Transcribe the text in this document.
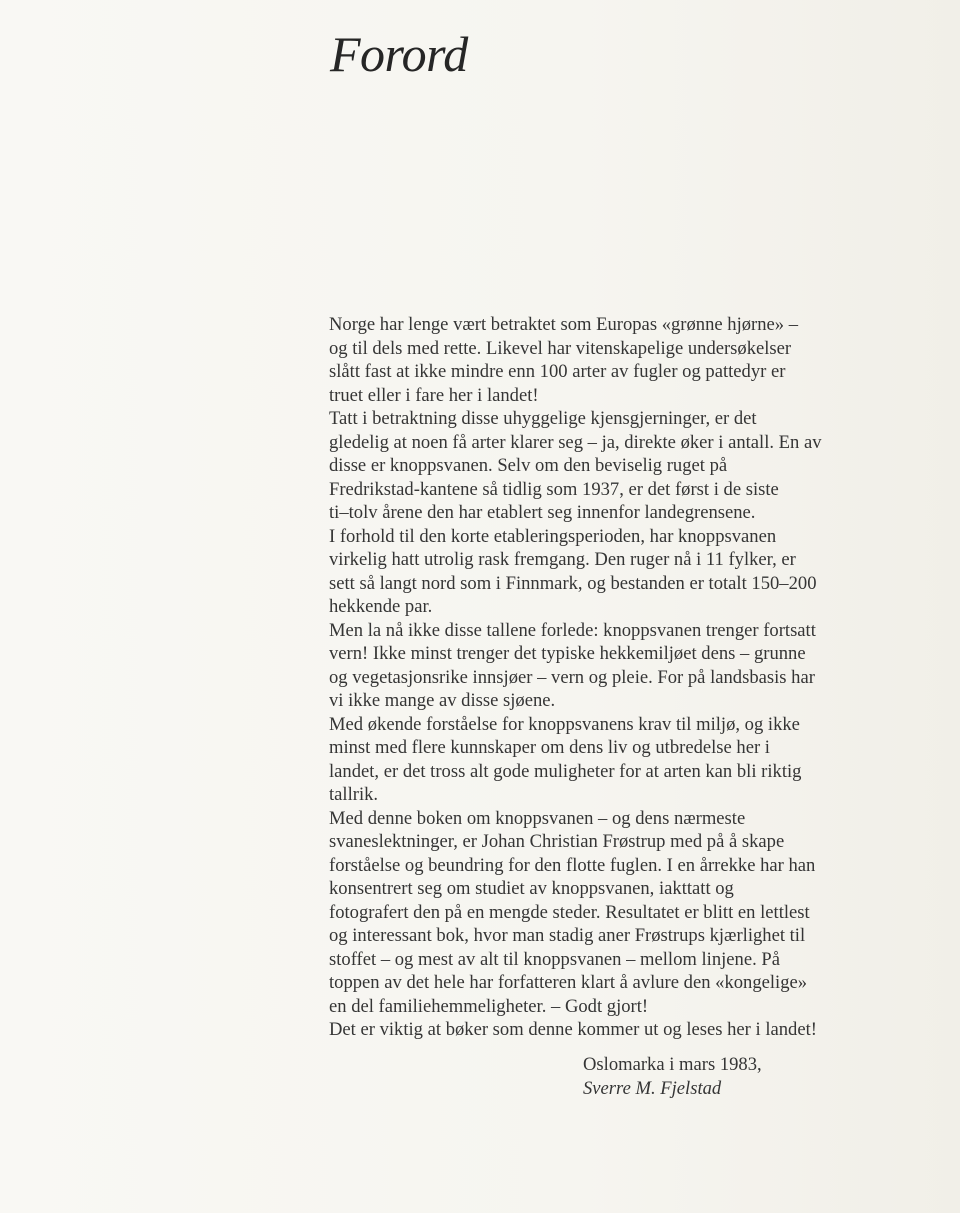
Forord
Norge har lenge vært betraktet som Europas «grønne hjørne» –
og til dels med rette. Likevel har vitenskapelige undersøkelser
slått fast at ikke mindre enn 100 arter av fugler og pattedyr er
truet eller i fare her i landet!
Tatt i betraktning disse uhyggelige kjensgjerninger, er det
gledelig at noen få arter klarer seg – ja, direkte øker i antall. En av
disse er knoppsvanen. Selv om den beviselig ruget på
Fredrikstad-kantene så tidlig som 1937, er det først i de siste
ti–tolv årene den har etablert seg innenfor landegrensene.
I forhold til den korte etableringsperioden, har knoppsvanen
virkelig hatt utrolig rask fremgang. Den ruger nå i 11 fylker, er
sett så langt nord som i Finnmark, og bestanden er totalt 150–200
hekkende par.
Men la nå ikke disse tallene forlede: knoppsvanen trenger fortsatt
vern! Ikke minst trenger det typiske hekkemiljøet dens – grunne
og vegetasjonsrike innsjøer – vern og pleie. For på landsbasis har
vi ikke mange av disse sjøene.
Med økende forståelse for knoppsvanens krav til miljø, og ikke
minst med flere kunnskaper om dens liv og utbredelse her i
landet, er det tross alt gode muligheter for at arten kan bli riktig
tallrik.
Med denne boken om knoppsvanen – og dens nærmeste
svaneslektninger, er Johan Christian Frøstrup med på å skape
forståelse og beundring for den flotte fuglen. I en årrekke har han
konsentrert seg om studiet av knoppsvanen, iakttatt og
fotografert den på en mengde steder. Resultatet er blitt en lettlest
og interessant bok, hvor man stadig aner Frøstrups kjærlighet til
stoffet – og mest av alt til knoppsvanen – mellom linjene. På
toppen av det hele har forfatteren klart å avlure den «kongelige»
en del familiehemmeligheter. – Godt gjort!
Det er viktig at bøker som denne kommer ut og leses her i landet!
Oslomarka i mars 1983,
Sverre M. Fjelstad
